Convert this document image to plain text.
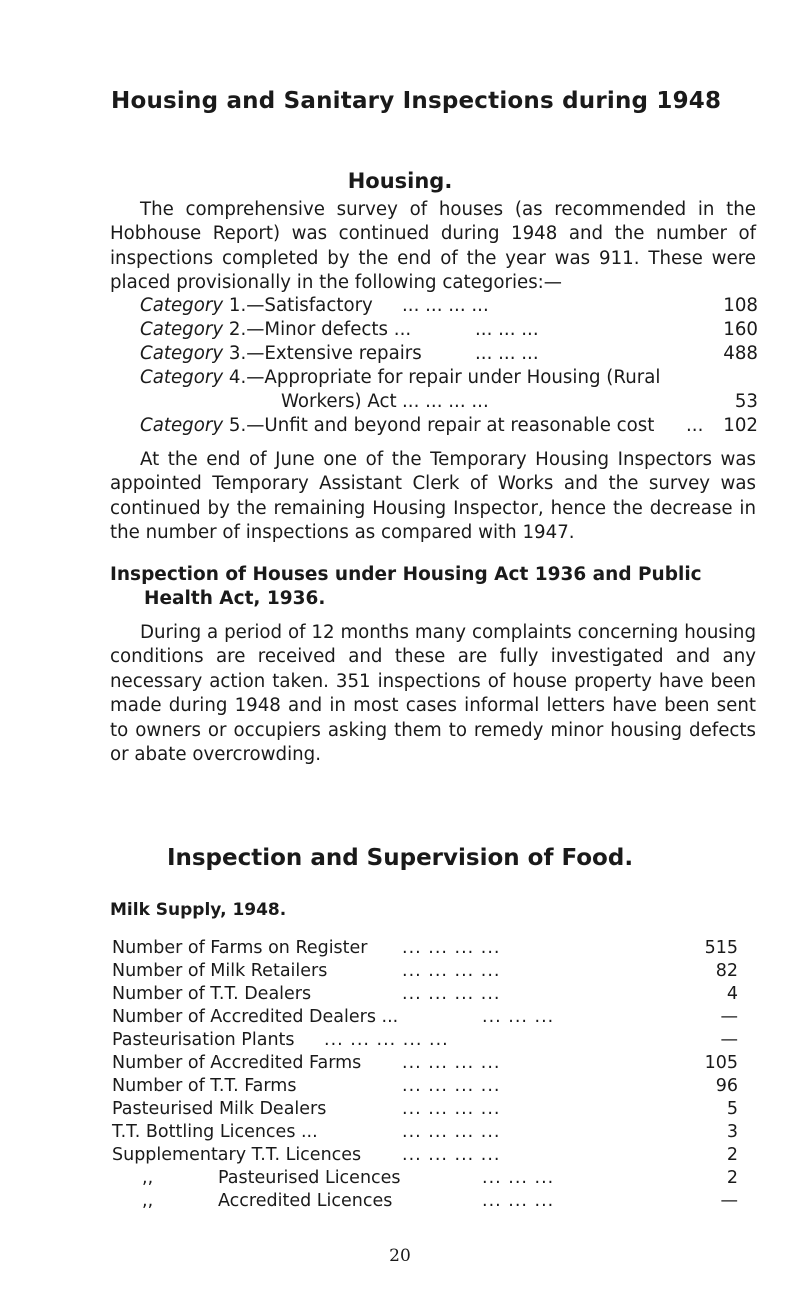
Housing and Sanitary Inspections during 1948
Housing.

The comprehensive survey of houses (as recommended in the Hobhouse Report) was continued during 1948 and the number of inspections completed by the end of the year was 911. These were placed provisionally in the following categories:—

Category 1.—Satisfactory ... ... ... ...	108
Category 2.—Minor defects ...	... ... ...	160
Category 3.—Extensive repairs	... ... ...	488
Category 4.—Appropriate for repair under Housing (Rural
Workers) Act ... ... ... ...	53
Category 5.—Unfit and beyond repair at reasonable cost ... 102

At the end of June one of the Temporary Housing Inspectors was appointed Temporary Assistant Clerk of Works and the survey was continued by the remaining Housing Inspector, hence the decrease in the number of inspections as compared with 1947.

Inspection of Houses under Housing Act 1936 and Public
Health Act, 1936.

During a period of 12 months many complaints concerning housing conditions are received and these are fully investigated and any necessary action taken. 351 inspections of house property have been made during 1948 and in most cases informal letters have been sent to owners or occupiers asking them to remedy minor housing defects or abate overcrowding.

Inspection and Supervision of Food.
Milk Supply, 1948.
Number of Farms on Register ... ... ... ...	515
Number of Milk Retailers	... ... ... ...	82
Number of T.T. Dealers	... ... ... ...	4
Number of Accredited Dealers ...	... ... ...	—
Pasteurisation Plants ... ... ... ... ...	—
Number of Accredited Farms ... ... ... ...	105
Number of T.T. Farms	... ... ... ...	96
Pasteurised Milk Dealers	... ... ... ...	5
T.T. Bottling Licences ...	... ... ... ...	3
Supplementary T.T. Licences ... ... ... ...	2
,,	Pasteurised Licences	... ... ...	2
,,	Accredited Licences	... ... ...	—
20
